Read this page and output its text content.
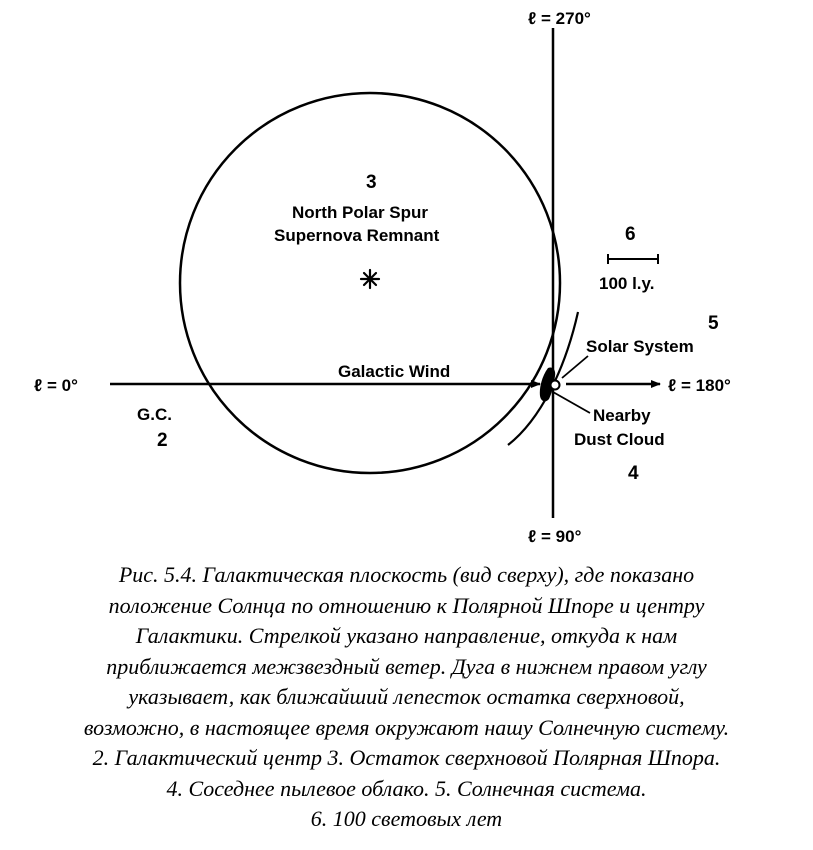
ℓ = 270°
ℓ = 90°
ℓ = 0°	ℓ = 180°
G.C.
2
3
North Polar Spur
Supernova Remnant	6
100 l.y.
5
Solar System
Galactic Wind
Nearby
Dust Cloud
4
Рис. 5.4. Галактическая плоскость (вид сверху), где показано
положение Солнца по отношению к Полярной Шпоре и центру
Галактики. Стрелкой указано направление, откуда к нам
приближается межзвездный ветер. Дуга в нижнем правом углу
указывает, как ближайший лепесток остатка сверхновой,
возможно, в настоящее время окружают нашу Солнечную систему.
2. Галактический центр 3. Остаток сверхновой Полярная Шпора.
4. Соседнее пылевое облако. 5. Солнечная система.
6. 100 световых лет
